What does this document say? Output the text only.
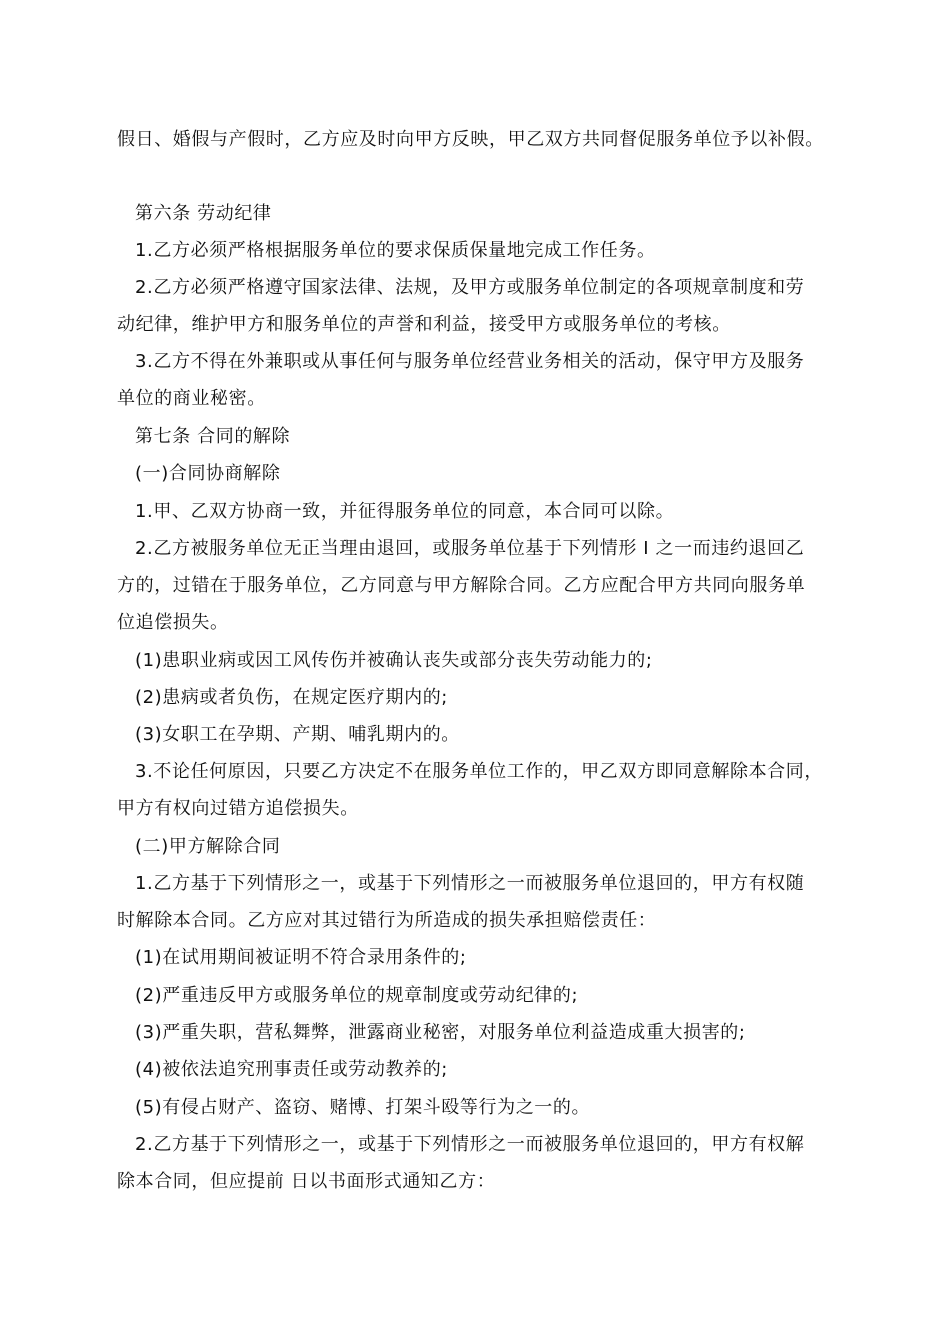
假日、婚假与产假时，乙方应及时向甲方反映，甲乙双方共同督促服务单位予以补假。
第六条 劳动纪律
1.乙方必须严格根据服务单位的要求保质保量地完成工作任务。
2.乙方必须严格遵守国家法律、法规，及甲方或服务单位制定的各项规章制度和劳
动纪律，维护甲方和服务单位的声誉和利益，接受甲方或服务单位的考核。
3.乙方不得在外兼职或从事任何与服务单位经营业务相关的活动，保守甲方及服务
单位的商业秘密。
第七条 合同的解除
(一)合同协商解除
1.甲、乙双方协商一致，并征得服务单位的同意，本合同可以除。
2.乙方被服务单位无正当理由退回，或服务单位基于下列情形 I 之一而违约退回乙
方的，过错在于服务单位，乙方同意与甲方解除合同。乙方应配合甲方共同向服务单
位追偿损失。
(1)患职业病或因工风传伤并被确认丧失或部分丧失劳动能力的;
(2)患病或者负伤，在规定医疗期内的;
(3)女职工在孕期、产期、哺乳期内的。
3.不论任何原因，只要乙方决定不在服务单位工作的，甲乙双方即同意解除本合同，
甲方有权向过错方追偿损失。
(二)甲方解除合同
1.乙方基于下列情形之一，或基于下列情形之一而被服务单位退回的，甲方有权随
时解除本合同。乙方应对其过错行为所造成的损失承担赔偿责任：
(1)在试用期间被证明不符合录用条件的;
(2)严重违反甲方或服务单位的规章制度或劳动纪律的;
(3)严重失职，营私舞弊，泄露商业秘密，对服务单位利益造成重大损害的;
(4)被依法追究刑事责任或劳动教养的;
(5)有侵占财产、盗窃、赌博、打架斗殴等行为之一的。
2.乙方基于下列情形之一，或基于下列情形之一而被服务单位退回的，甲方有权解
除本合同，但应提前 日以书面形式通知乙方：
